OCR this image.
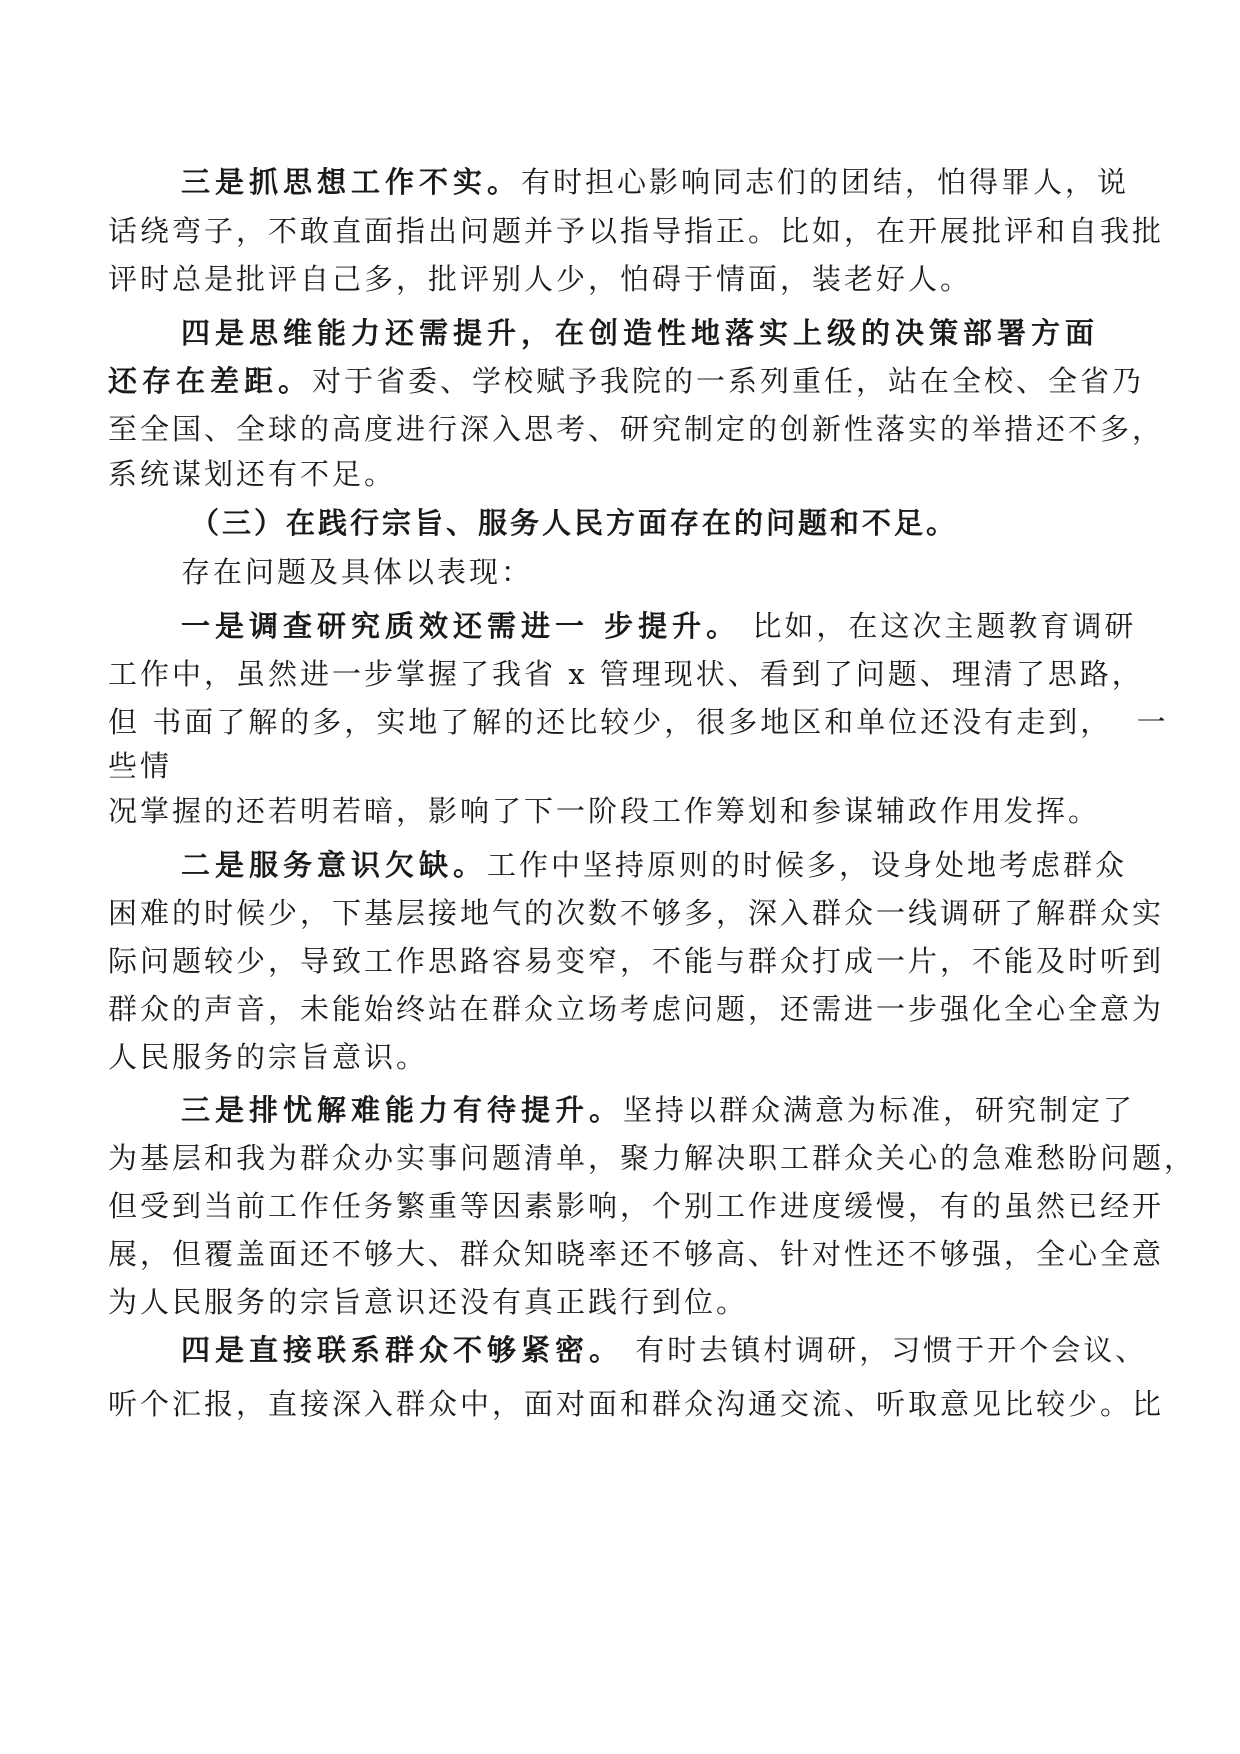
三是抓思想工作不实。有时担心影响同志们的团结，怕得罪人，说
话绕弯子，不敢直面指出问题并予以指导指正。比如，在开展批评和自我批
评时总是批评自己多，批评别人少，怕碍于情面，装老好人。
四是思维能力还需提升，在创造性地落实上级的决策部署方面
还存在差距。对于省委、学校赋予我院的一系列重任，站在全校、全省乃
至全国、全球的高度进行深入思考、研究制定的创新性落实的举措还不多，
系统谋划还有不足。
（三）在践行宗旨、服务人民方面存在的问题和不足。
存在问题及具体以表现：
一是调查研究质效还需进一 步提升。 比如，在这次主题教育调研
工作中，虽然进一步掌握了我省 x 管理现状、看到了问题、理清了思路，
但 书面了解的多，实地了解的还比较少，很多地区和单位还没有走到，  一
些情
况掌握的还若明若暗，影响了下一阶段工作筹划和参谋辅政作用发挥。
二是服务意识欠缺。工作中坚持原则的时候多，设身处地考虑群众
困难的时候少，下基层接地气的次数不够多，深入群众一线调研了解群众实
际问题较少，导致工作思路容易变窄，不能与群众打成一片，不能及时听到
群众的声音，未能始终站在群众立场考虑问题，还需进一步强化全心全意为
人民服务的宗旨意识。
三是排忧解难能力有待提升。坚持以群众满意为标准，研究制定了
为基层和我为群众办实事问题清单，聚力解决职工群众关心的急难愁盼问题，
但受到当前工作任务繁重等因素影响，个别工作进度缓慢，有的虽然已经开
展，但覆盖面还不够大、群众知晓率还不够高、针对性还不够强，全心全意
为人民服务的宗旨意识还没有真正践行到位。
四是直接联系群众不够紧密。 有时去镇村调研，习惯于开个会议、
听个汇报，直接深入群众中，面对面和群众沟通交流、听取意见比较少。比
